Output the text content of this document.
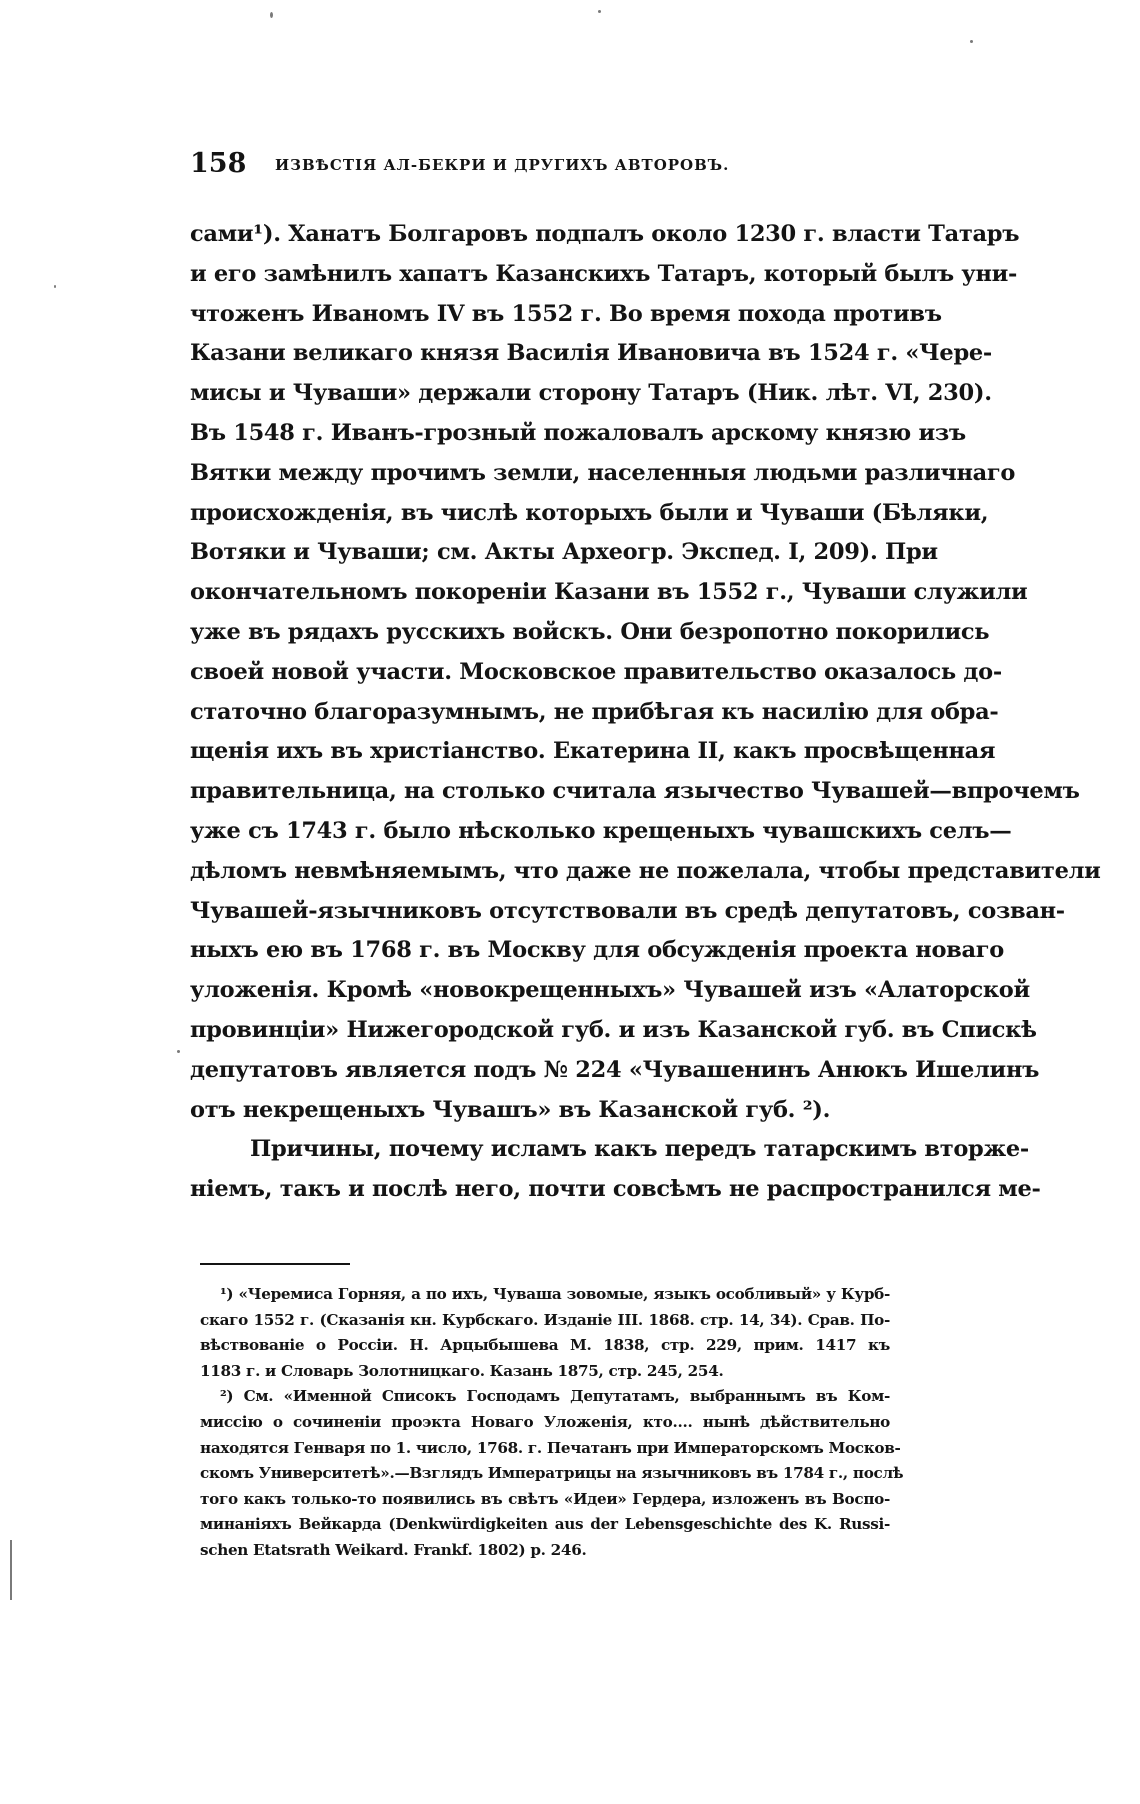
158 ИЗВѢСТІЯ АЛ-БЕКРИ И ДРУГИХЪ АВТОРОВЪ.
сами¹). Ханатъ Болгаровъ подпалъ около 1230 г. власти Татаръ
и его замѣнилъ хапатъ Казанскихъ Татаръ, который былъ уни-
чтоженъ Иваномъ IV въ 1552 г. Во время похода противъ
Казани великаго князя Василія Ивановича въ 1524 г. «Чере-
мисы и Чуваши» держали сторону Татаръ (Ник. лѣт. VI, 230).
Въ 1548 г. Иванъ-грозный пожаловалъ арскому князю изъ
Вятки между прочимъ земли, населенныя людьми различнаго
происхожденія, въ числѣ которыхъ были и Чуваши (Бѣляки,
Вотяки и Чуваши; см. Акты Археогр. Экспед. I, 209). При
окончательномъ покореніи Казани въ 1552 г., Чуваши служили
уже въ рядахъ русскихъ войскъ. Они безропотно покорились
своей новой участи. Московское правительство оказалось до-
статочно благоразумнымъ, не прибѣгая къ насилію для обра-
щенія ихъ въ христіанство. Екатерина II, какъ просвѣщенная
правительница, на столько считала язычество Чувашей—впрочемъ
уже съ 1743 г. было нѣсколько крещеныхъ чувашскихъ селъ—
дѣломъ невмѣняемымъ, что даже не пожелала, чтобы представители
Чувашей-язычниковъ отсутствовали въ средѣ депутатовъ, созван-
ныхъ ею въ 1768 г. въ Москву для обсужденія проекта новаго
уложенія. Кромѣ «новокрещенныхъ» Чувашей изъ «Алаторской
провинціи» Нижегородской губ. и изъ Казанской губ. въ Спискѣ
депутатовъ является подъ № 224 «Чувашенинъ Анюкъ Ишелинъ
отъ некрещеныхъ Чувашъ» въ Казанской губ. ²).
Причины, почему исламъ какъ передъ татарскимъ вторже-
ніемъ, такъ и послѣ него, почти совсѣмъ не распространился ме-
¹) «Черемиса Горняя, а по ихъ, Чуваша зовомые, языкъ особливый» у Курб-
скаго 1552 г. (Сказанія кн. Курбскаго. Изданіе III. 1868. стр. 14, 34). Срав. По-
вѣствованіе о Россіи. Н. Арцыбышева М. 1838, стр. 229, прим. 1417 къ
1183 г. и Словарь Золотницкаго. Казань 1875, стр. 245, 254.
²) См. «Именной Списокъ Господамъ Депутатамъ, выбраннымъ въ Ком-
миссію о сочиненіи проэкта Новаго Уложенія, кто.... нынѣ дѣйствительно
находятся Генваря по 1. число, 1768. г. Печатанъ при Императорскомъ Москов-
скомъ Университетѣ».—Взглядъ Императрицы на язычниковъ въ 1784 г., послѣ
того какъ только-то появились въ свѣтъ «Идеи» Гердера, изложенъ въ Воспо-
минаніяхъ Вейкарда (Denkwürdigkeiten aus der Lebensgeschichte des K. Russi-
schen Etatsrath Weikard. Frankf. 1802) p. 246.
